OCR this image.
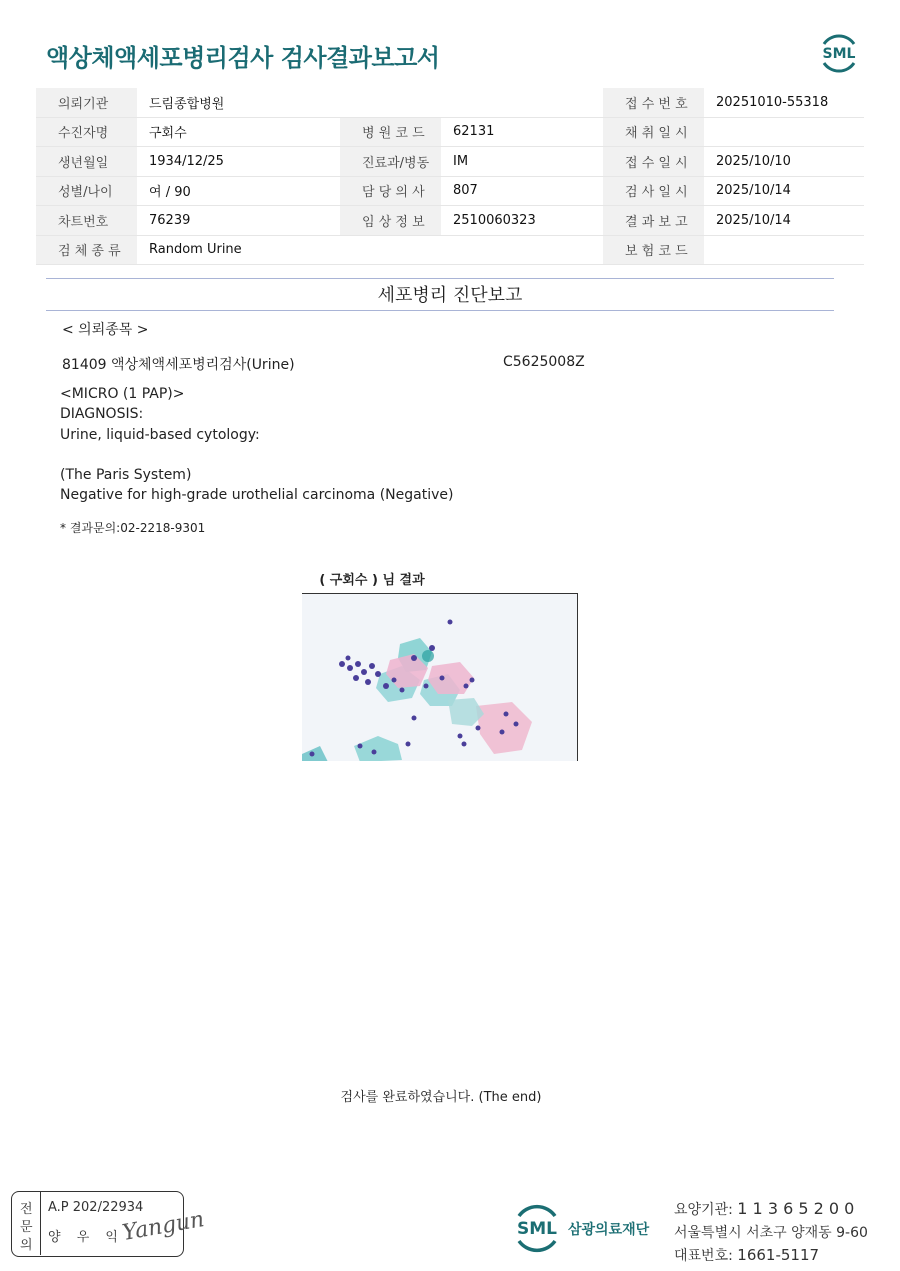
액상체액세포병리검사 검사결과보고서	SML
의뢰기관	드림종합병원			접 수 번 호	20251010-55318
수진자명	구회수	병 원 코 드	62131	채 취 일 시	
생년월일	1934/12/25	진료과/병동	IM	접 수 일 시	2025/10/10
성별/나이	여 / 90	담 당 의 사	807	검 사 일 시	2025/10/14
차트번호	76239	임 상 정 보	2510060323	결 과 보 고	2025/10/14
검 체 종 류	Random Urine			보 험 코 드	
세포병리 진단보고
< 의뢰종목 >
81409 액상체액세포병리검사(Urine)	C5625008Z
<MICRO (1 PAP)>
DIAGNOSIS:
Urine, liquid-based cytology:
(The Paris System)
Negative for high-grade urothelial carcinoma (Negative)
* 결과문의:02-2218-9301
( 구회수 ) 님 결과
검사를 완료하였습니다. (The end)
전
문
의
A.P 202/22934
양 우 익
Yangun	SML 삼광의료재단
요양기관: 1 1 3 6 5 2 0 0
서울특별시 서초구 양재동 9-60
대표번호: 1661-5117
